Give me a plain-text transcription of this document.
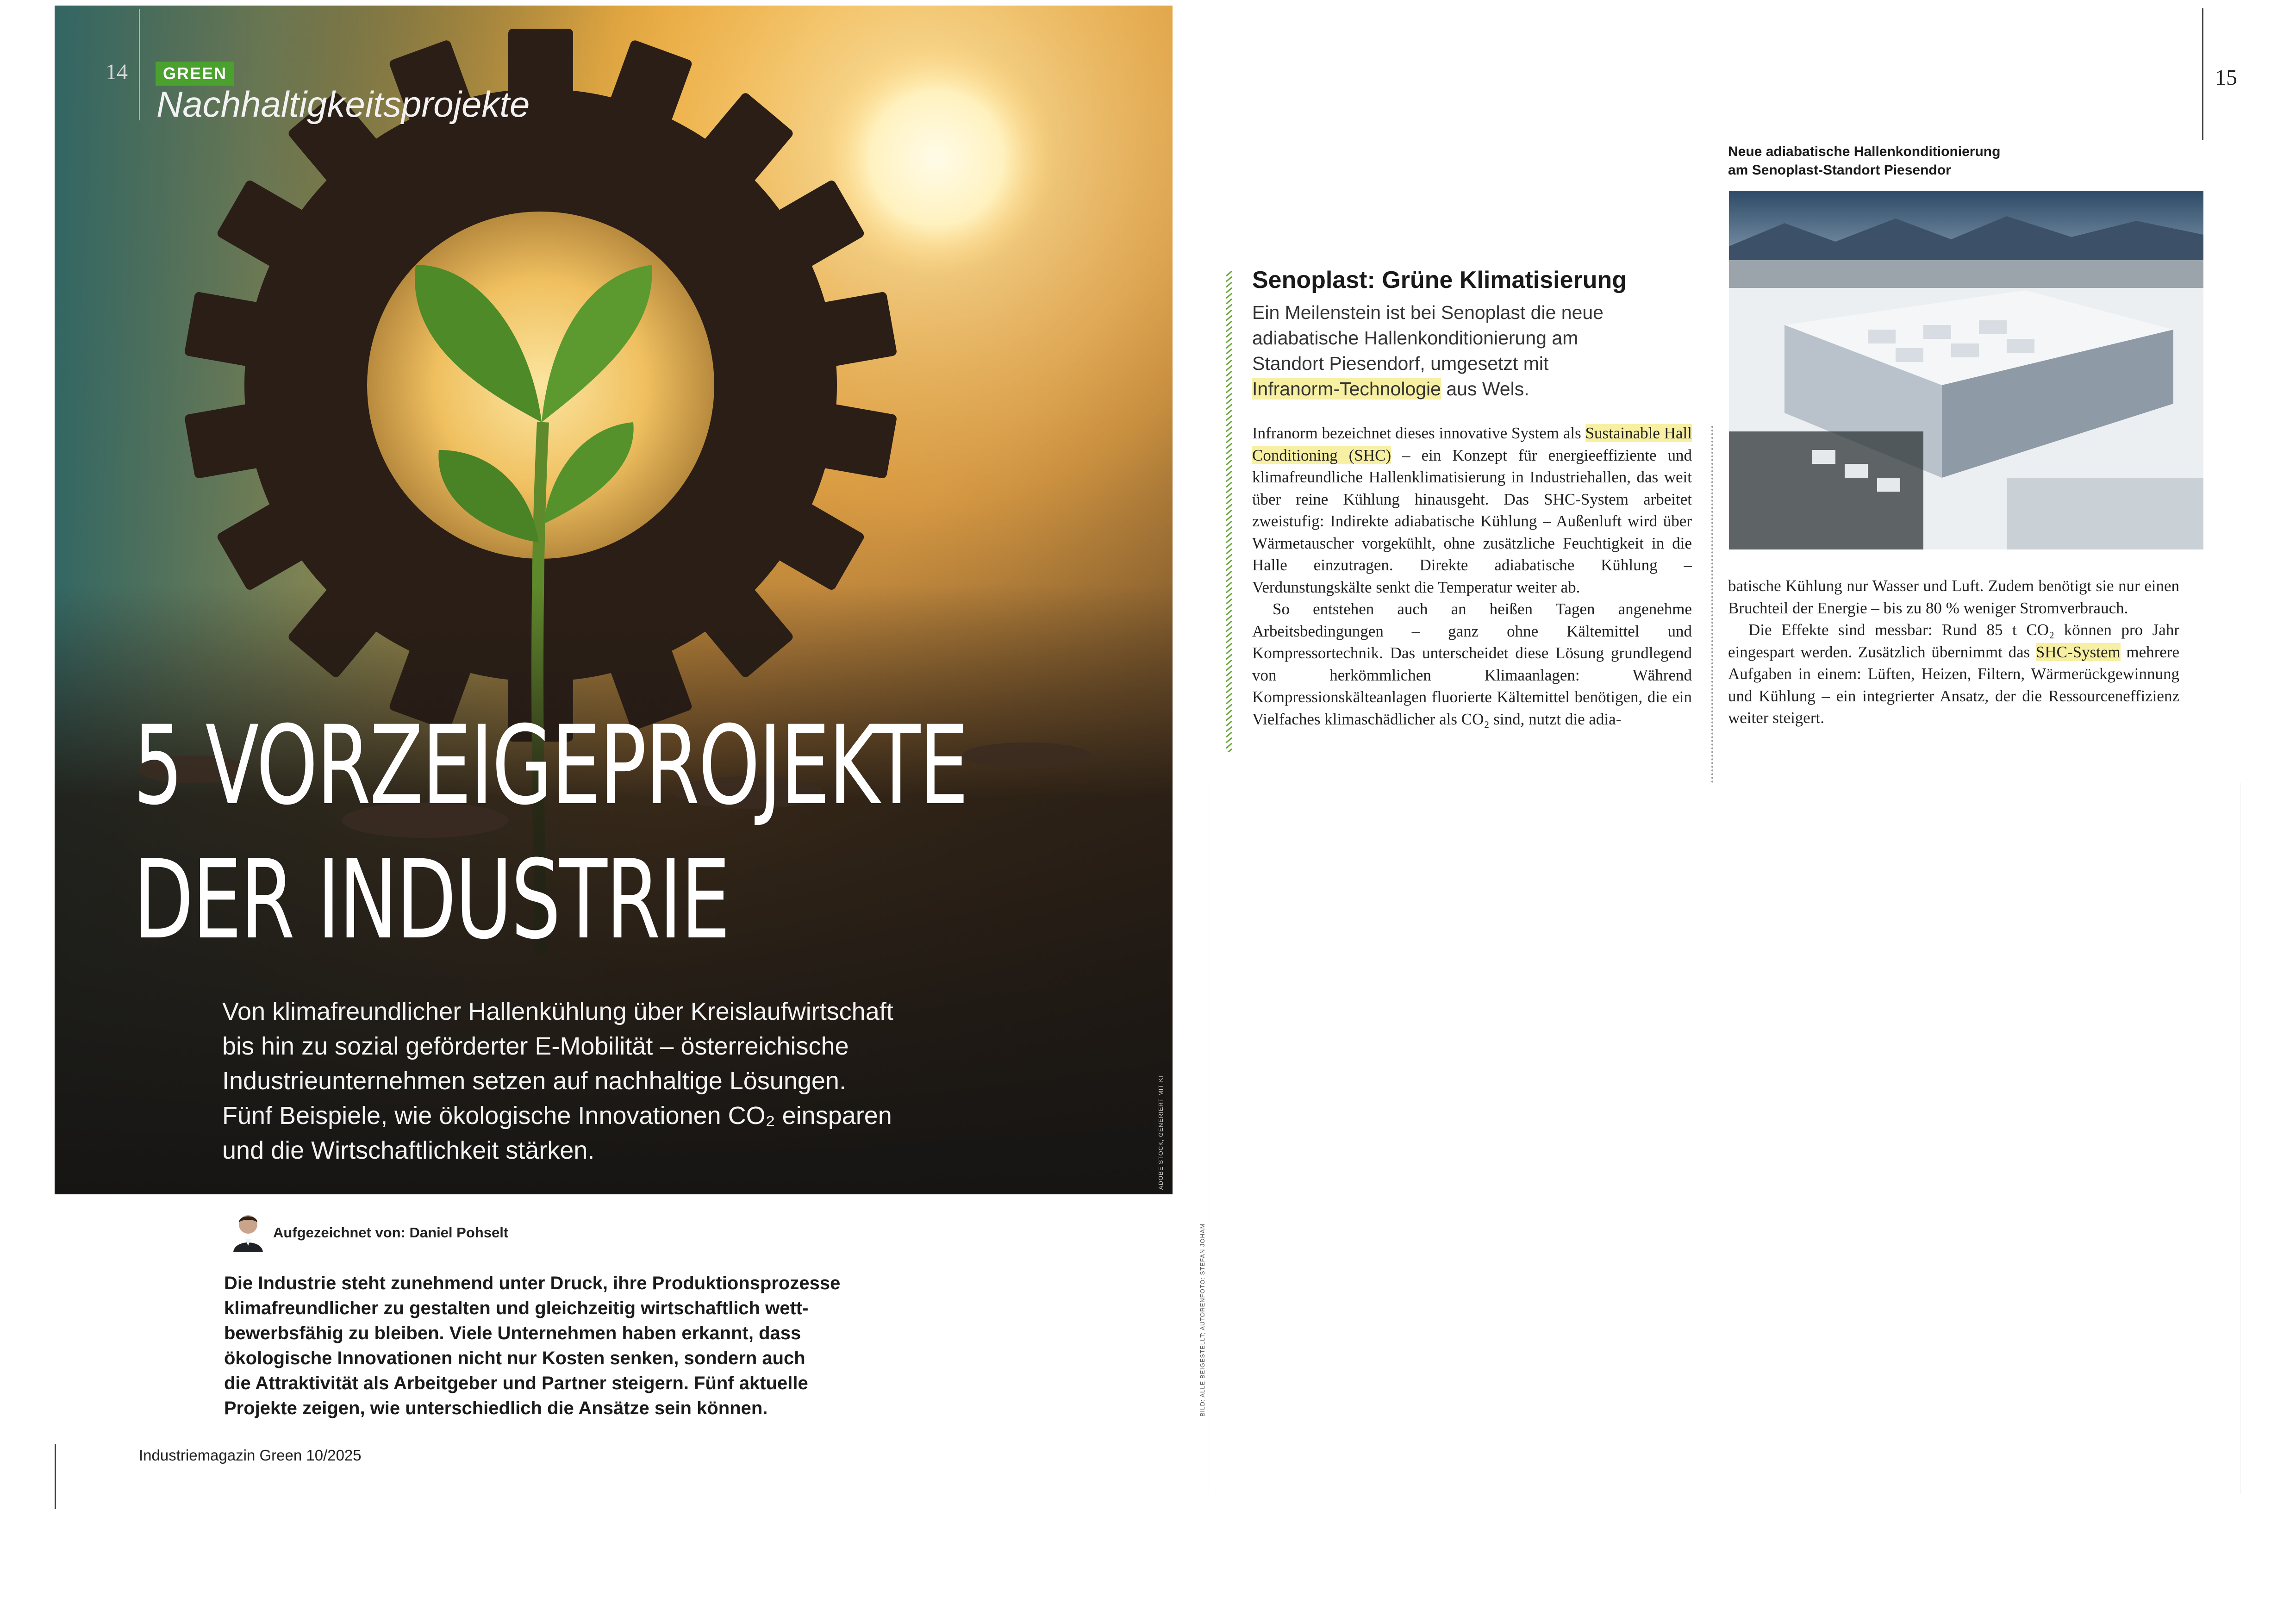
14	GREEN
Nachhaltigkeitsprojekte
5 VORZEIGEPROJEKTE
DER INDUSTRIE
Von klimafreundlicher Hallenkühlung über Kreislaufwirtschaft
bis hin zu sozial geförderter E-Mobilität – österreichische
Industrieunternehmen setzen auf nachhaltige Lösungen.
Fünf Beispiele, wie ökologische Innovationen CO₂ einsparen
und die Wirtschaftlichkeit stärken.
Aufgezeichnet von: Daniel Pohselt
Die Industrie steht zunehmend unter Druck, ihre Produktionsprozesse
klimafreundlicher zu gestalten und gleichzeitig wirtschaftlich wett-
bewerbsfähig zu bleiben. Viele Unternehmen haben erkannt, dass
ökologische Innovationen nicht nur Kosten senken, sondern auch
die Attraktivität als Arbeitgeber und Partner steigern. Fünf aktuelle
Projekte zeigen, wie unterschiedlich die Ansätze sein können.
Industriemagazin Green 10/2025
ADOBE STOCK, GENERIERT MIT KI
BILD: ALLE BEIGESTELLT; AUTORENFOTO: STEFAN JOHAM
15
Neue adiabatische Hallenkonditionierung
am Senoplast-Standort Piesendor
Senoplast: Grüne Klimatisierung
Ein Meilenstein ist bei Senoplast die neue
adiabatische Hallenkonditionierung am
Standort Piesendorf, umgesetzt mit
Infranorm-Technologie aus Wels.

Infranorm bezeichnet dieses innovative System als Sustainable Hall Conditioning (SHC) – ein Konzept für energieeffiziente und klimafreundliche Hallenklimatisierung in Industriehallen, das weit über reine Kühlung hinausgeht. Das SHC-System arbeitet zweistufig: Indirekte adiabatische Kühlung – Außenluft wird über Wärmetauscher vorgekühlt, ohne zusätzliche Feuchtigkeit in die Halle einzutragen. Direkte adiabatische Kühlung – Verdunstungskälte senkt die Temperatur weiter ab.

So entstehen auch an heißen Tagen angenehme Arbeitsbedingungen – ganz ohne Kältemittel und Kompressortechnik. Das unterscheidet diese Lösung grundlegend von herkömmlichen Klimaanlagen: Während Kompressionskälteanlagen fluorierte Kältemittel benötigen, die ein Vielfaches klimaschädlicher als CO₂ sind, nutzt die adia-

batische Kühlung nur Wasser und Luft. Zudem benötigt sie nur einen Bruchteil der Energie – bis zu 80 % weniger Stromverbrauch.

Die Effekte sind messbar: Rund 85 t CO₂ können pro Jahr eingespart werden. Zusätzlich übernimmt das SHC-System mehrere Aufgaben in einem: Lüften, Heizen, Filtern, Wärmerückgewinnung und Kühlung – ein integrierter Ansatz, der die Ressourceneffizienz weiter steigert.
